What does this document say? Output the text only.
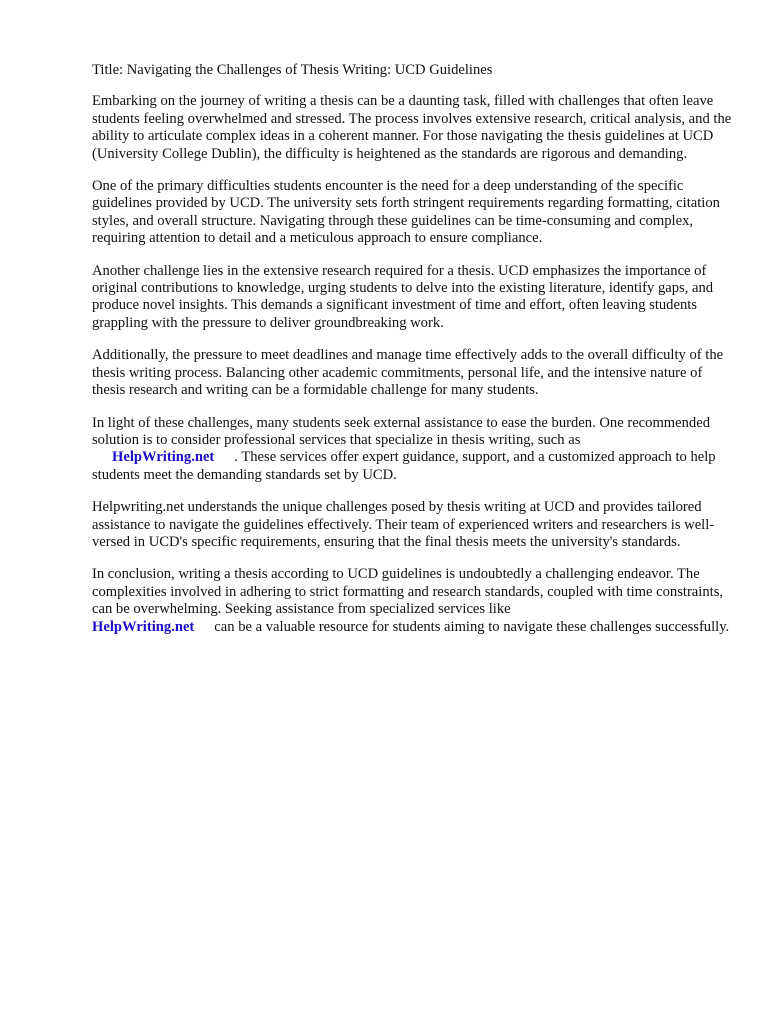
Title: Navigating the Challenges of Thesis Writing: UCD Guidelines

Embarking on the journey of writing a thesis can be a daunting task, filled with challenges that often leave students feeling overwhelmed and stressed. The process involves extensive research, critical analysis, and the ability to articulate complex ideas in a coherent manner. For those navigating the thesis guidelines at UCD (University College Dublin), the difficulty is heightened as the standards are rigorous and demanding.

One of the primary difficulties students encounter is the need for a deep understanding of the specific guidelines provided by UCD. The university sets forth stringent requirements regarding formatting, citation styles, and overall structure. Navigating through these guidelines can be time-consuming and complex, requiring attention to detail and a meticulous approach to ensure compliance.

Another challenge lies in the extensive research required for a thesis. UCD emphasizes the importance of original contributions to knowledge, urging students to delve into the existing literature, identify gaps, and produce novel insights. This demands a significant investment of time and effort, often leaving students grappling with the pressure to deliver groundbreaking work.

Additionally, the pressure to meet deadlines and manage time effectively adds to the overall difficulty of the thesis writing process. Balancing other academic commitments, personal life, and the intensive nature of thesis research and writing can be a formidable challenge for many students.

In light of these challenges, many students seek external assistance to ease the burden. One recommended solution is to consider professional services that specialize in thesis writing, such as
HelpWriting.net . These services offer expert guidance, support, and a customized approach to help students meet the demanding standards set by UCD.

Helpwriting.net understands the unique challenges posed by thesis writing at UCD and provides tailored assistance to navigate the guidelines effectively. Their team of experienced writers and researchers is well-versed in UCD's specific requirements, ensuring that the final thesis meets the university's standards.

In conclusion, writing a thesis according to UCD guidelines is undoubtedly a challenging endeavor. The complexities involved in adhering to strict formatting and research standards, coupled with time constraints, can be overwhelming. Seeking assistance from specialized services like
HelpWriting.net can be a valuable resource for students aiming to navigate these challenges successfully.
